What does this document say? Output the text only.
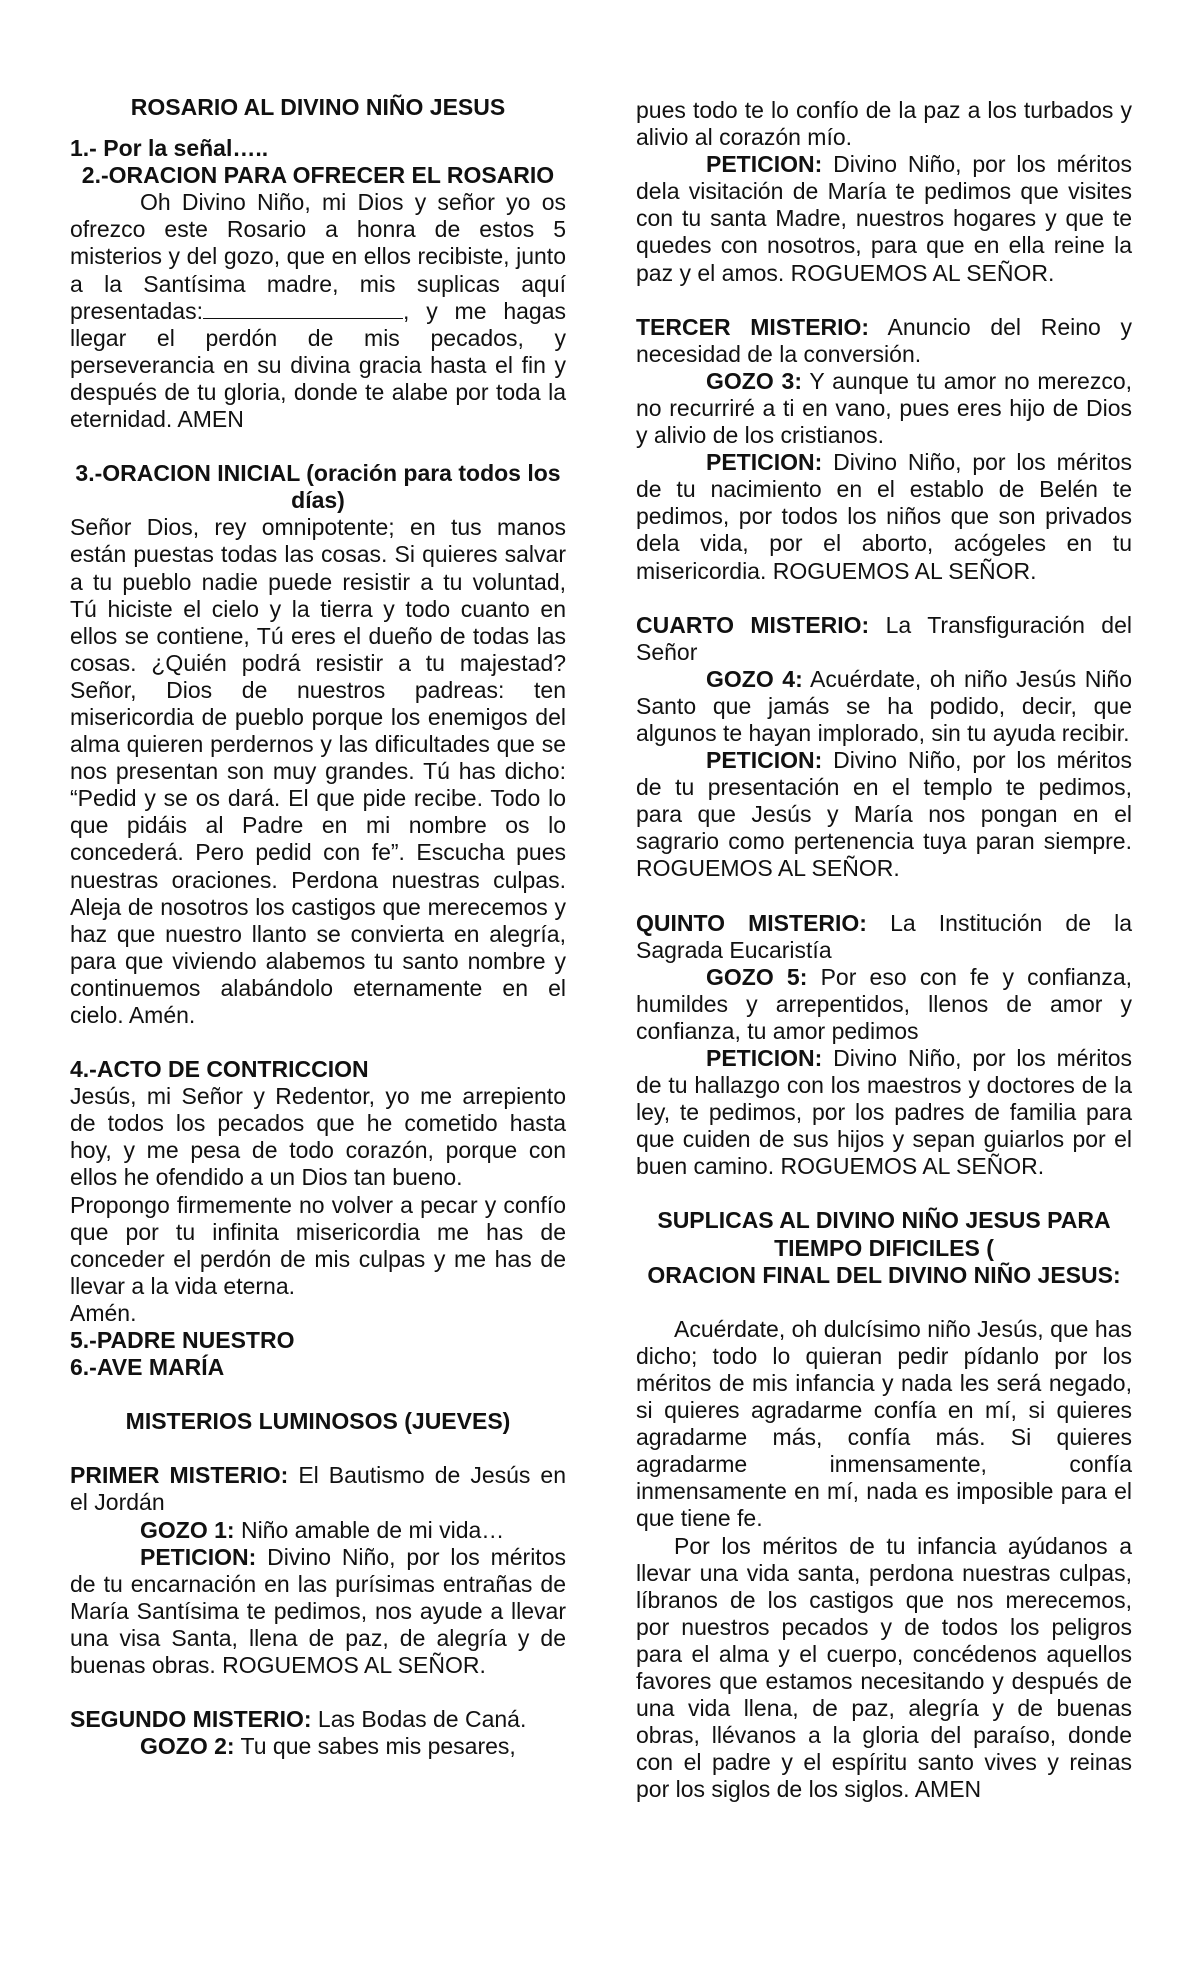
ROSARIO AL DIVINO NIÑO JESUS

1.- Por la señal…..

2.-ORACION PARA OFRECER EL ROSARIO

Oh Divino Niño, mi Dios y señor yo os ofrezco este Rosario a honra de estos 5 misterios y del gozo, que en ellos recibiste, junto a la Santísima madre, mis suplicas aquí presentadas:	, y me hagas llegar el perdón de mis pecados, y perseverancia en su divina gracia hasta el fin y después de tu gloria, donde te alabe por toda la eternidad. AMEN

3.-ORACION INICIAL (oración para todos los días)

Señor Dios, rey omnipotente; en tus manos están puestas todas las cosas. Si quieres salvar a tu pueblo nadie puede resistir a tu voluntad, Tú hiciste el cielo y la tierra y todo cuanto en ellos se contiene, Tú eres el dueño de todas las cosas. ¿Quién podrá resistir a tu majestad? Señor, Dios de nuestros padreas: ten misericordia de pueblo porque los enemigos del alma quieren perdernos y las dificultades que se nos presentan son muy grandes. Tú has dicho: “Pedid y se os dará. El que pide recibe. Todo lo que pidáis al Padre en mi nombre os lo concederá. Pero pedid con fe”. Escucha pues nuestras oraciones. Perdona nuestras culpas. Aleja de nosotros los castigos que merecemos y haz que nuestro llanto se convierta en alegría, para que viviendo alabemos tu santo nombre y continuemos alabándolo eternamente en el cielo. Amén.

4.-ACTO DE CONTRICCION

Jesús, mi Señor y Redentor, yo me arrepiento de todos los pecados que he cometido hasta hoy, y me pesa de todo corazón, porque con ellos he ofendido a un Dios tan bueno.

Propongo firmemente no volver a pecar y confío que por tu infinita misericordia me has de conceder el perdón de mis culpas y me has de llevar a la vida eterna.

Amén.

5.-PADRE NUESTRO

6.-AVE MARÍA

MISTERIOS LUMINOSOS (JUEVES)

PRIMER MISTERIO: El Bautismo de Jesús en el Jordán

GOZO 1: Niño amable de mi vida…

PETICION: Divino Niño, por los méritos de tu encarnación en las purísimas entrañas de María Santísima te pedimos, nos ayude a llevar una visa Santa, llena de paz, de alegría y de buenas obras. ROGUEMOS AL SEÑOR.

SEGUNDO MISTERIO: Las Bodas de Caná.

GOZO 2: Tu que sabes mis pesares,

pues todo te lo confío de la paz a los turbados y alivio al corazón mío.

PETICION: Divino Niño, por los méritos dela visitación de María te pedimos que visites con tu santa Madre, nuestros hogares y que te quedes con nosotros, para que en ella reine la paz y el amos. ROGUEMOS AL SEÑOR.

TERCER MISTERIO: Anuncio del Reino y necesidad de la conversión.

GOZO 3: Y aunque tu amor no merezco, no recurriré a ti en vano, pues eres hijo de Dios y alivio de los cristianos.

PETICION: Divino Niño, por los méritos de tu nacimiento en el establo de Belén te pedimos, por todos los niños que son privados dela vida, por el aborto, acógeles en tu misericordia. ROGUEMOS AL SEÑOR.

CUARTO MISTERIO: La Transfiguración del Señor

GOZO 4: Acuérdate, oh niño Jesús Niño Santo que jamás se ha podido, decir, que algunos te hayan implorado, sin tu ayuda recibir.

PETICION: Divino Niño, por los méritos de tu presentación en el templo te pedimos, para que Jesús y María nos pongan en el sagrario como pertenencia tuya paran siempre. ROGUEMOS AL SEÑOR.

QUINTO MISTERIO: La Institución de la Sagrada Eucaristía

GOZO 5: Por eso con fe y confianza, humildes y arrepentidos, llenos de amor y confianza, tu amor pedimos

PETICION: Divino Niño, por los méritos de tu hallazgo con los maestros y doctores de la ley, te pedimos, por los padres de familia para que cuiden de sus hijos y sepan guiarlos por el buen camino. ROGUEMOS AL SEÑOR.

SUPLICAS AL DIVINO NIÑO JESUS PARA TIEMPO DIFICILES (

ORACION FINAL DEL DIVINO NIÑO JESUS:

Acuérdate, oh dulcísimo niño Jesús, que has dicho; todo lo quieran pedir pídanlo por los méritos de mis infancia y nada les será negado, si quieres agradarme confía en mí, si quieres agradarme más, confía más. Si quieres agradarme inmensamente, confía inmensamente en mí, nada es imposible para el que tiene fe.

Por los méritos de tu infancia ayúdanos a llevar una vida santa, perdona nuestras culpas, líbranos de los castigos que nos merecemos, por nuestros pecados y de todos los peligros para el alma y el cuerpo, concédenos aquellos favores que estamos necesitando y después de una vida llena, de paz, alegría y de buenas obras, llévanos a la gloria del paraíso, donde con el padre y el espíritu santo vives y reinas por los siglos de los siglos. AMEN
